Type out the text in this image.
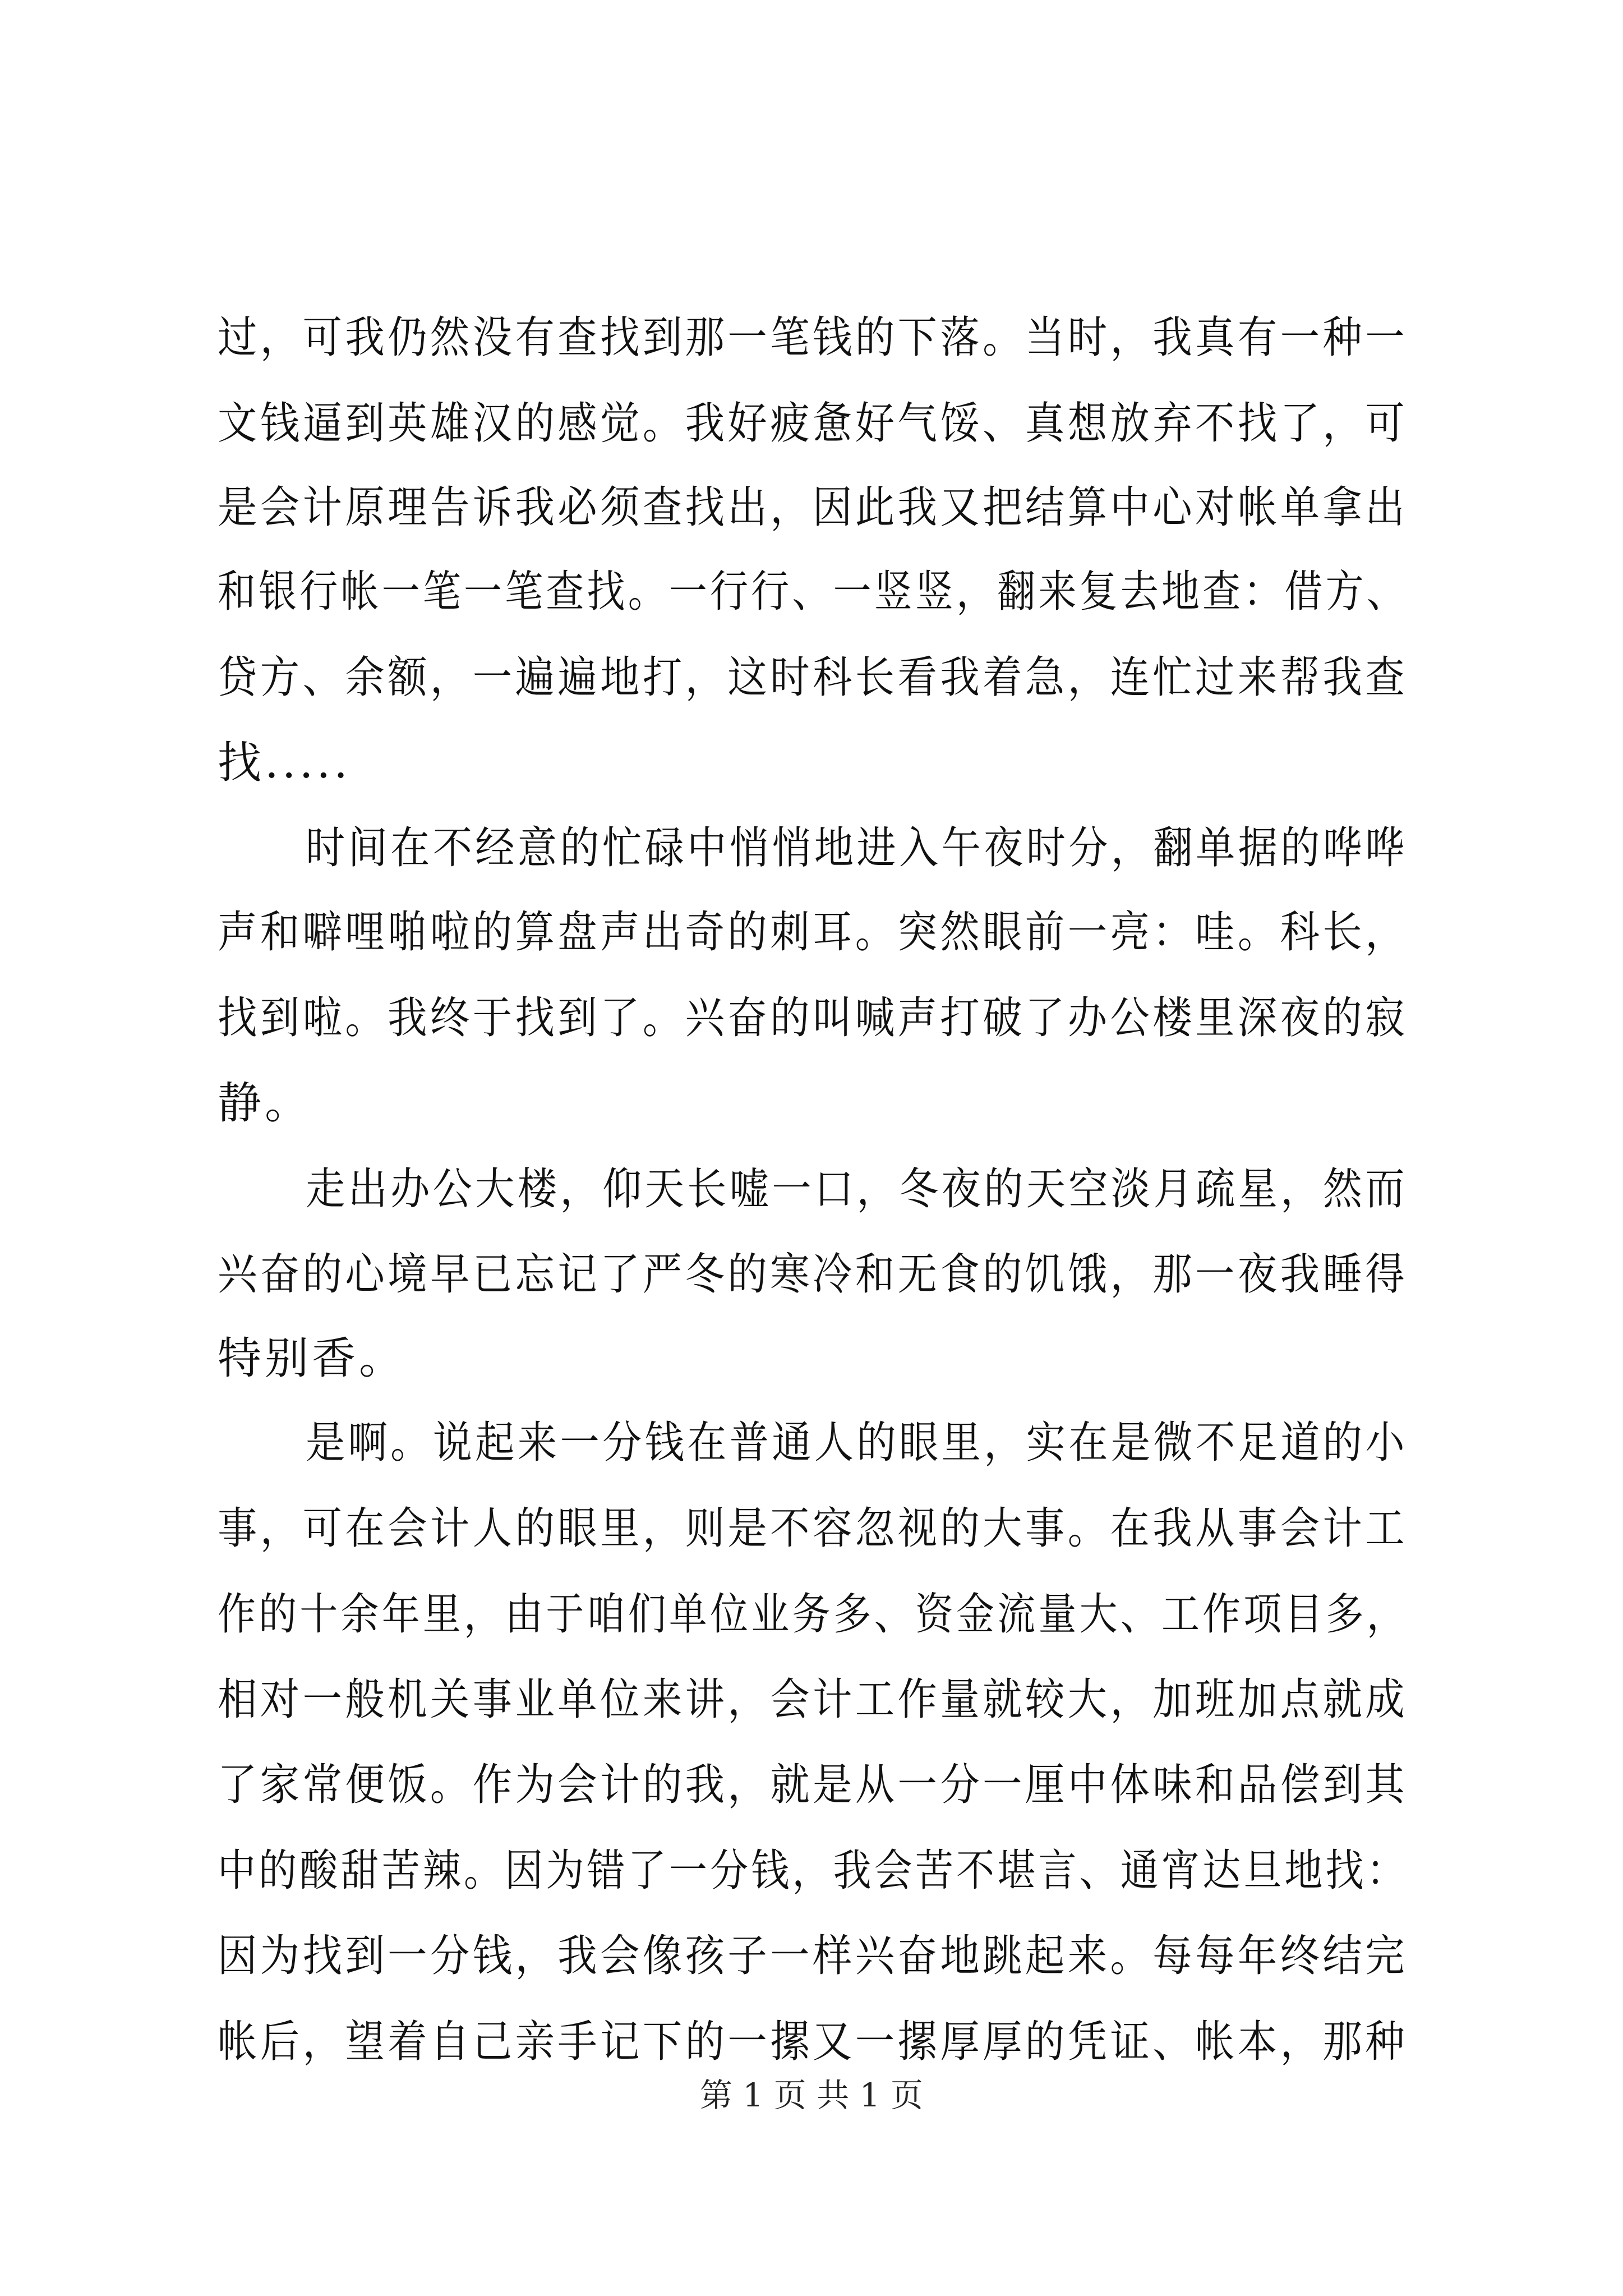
过，可我仍然没有查找到那一笔钱的下落。当时，我真有一种一
文钱逼到英雄汉的感觉。我好疲惫好气馁、真想放弃不找了，可
是会计原理告诉我必须查找出，因此我又把结算中心对帐单拿出
和银行帐一笔一笔查找。一行行、一竖竖，翻来复去地查：借方、
贷方、余额，一遍遍地打，这时科长看我着急，连忙过来帮我查
找.....
时间在不经意的忙碌中悄悄地进入午夜时分，翻单据的哗哗
声和噼哩啪啦的算盘声出奇的刺耳。突然眼前一亮：哇。科长，
找到啦。我终于找到了。兴奋的叫喊声打破了办公楼里深夜的寂
静。
走出办公大楼，仰天长嘘一口，冬夜的天空淡月疏星，然而
兴奋的心境早已忘记了严冬的寒冷和无食的饥饿，那一夜我睡得
特别香。
是啊。说起来一分钱在普通人的眼里，实在是微不足道的小
事，可在会计人的眼里，则是不容忽视的大事。在我从事会计工
作的十余年里，由于咱们单位业务多、资金流量大、工作项目多，
相对一般机关事业单位来讲，会计工作量就较大，加班加点就成
了家常便饭。作为会计的我，就是从一分一厘中体味和品偿到其
中的酸甜苦辣。因为错了一分钱，我会苦不堪言、通宵达旦地找：
因为找到一分钱，我会像孩子一样兴奋地跳起来。每每年终结完
帐后，望着自己亲手记下的一摞又一摞厚厚的凭证、帐本，那种
第 1 页 共 1 页
